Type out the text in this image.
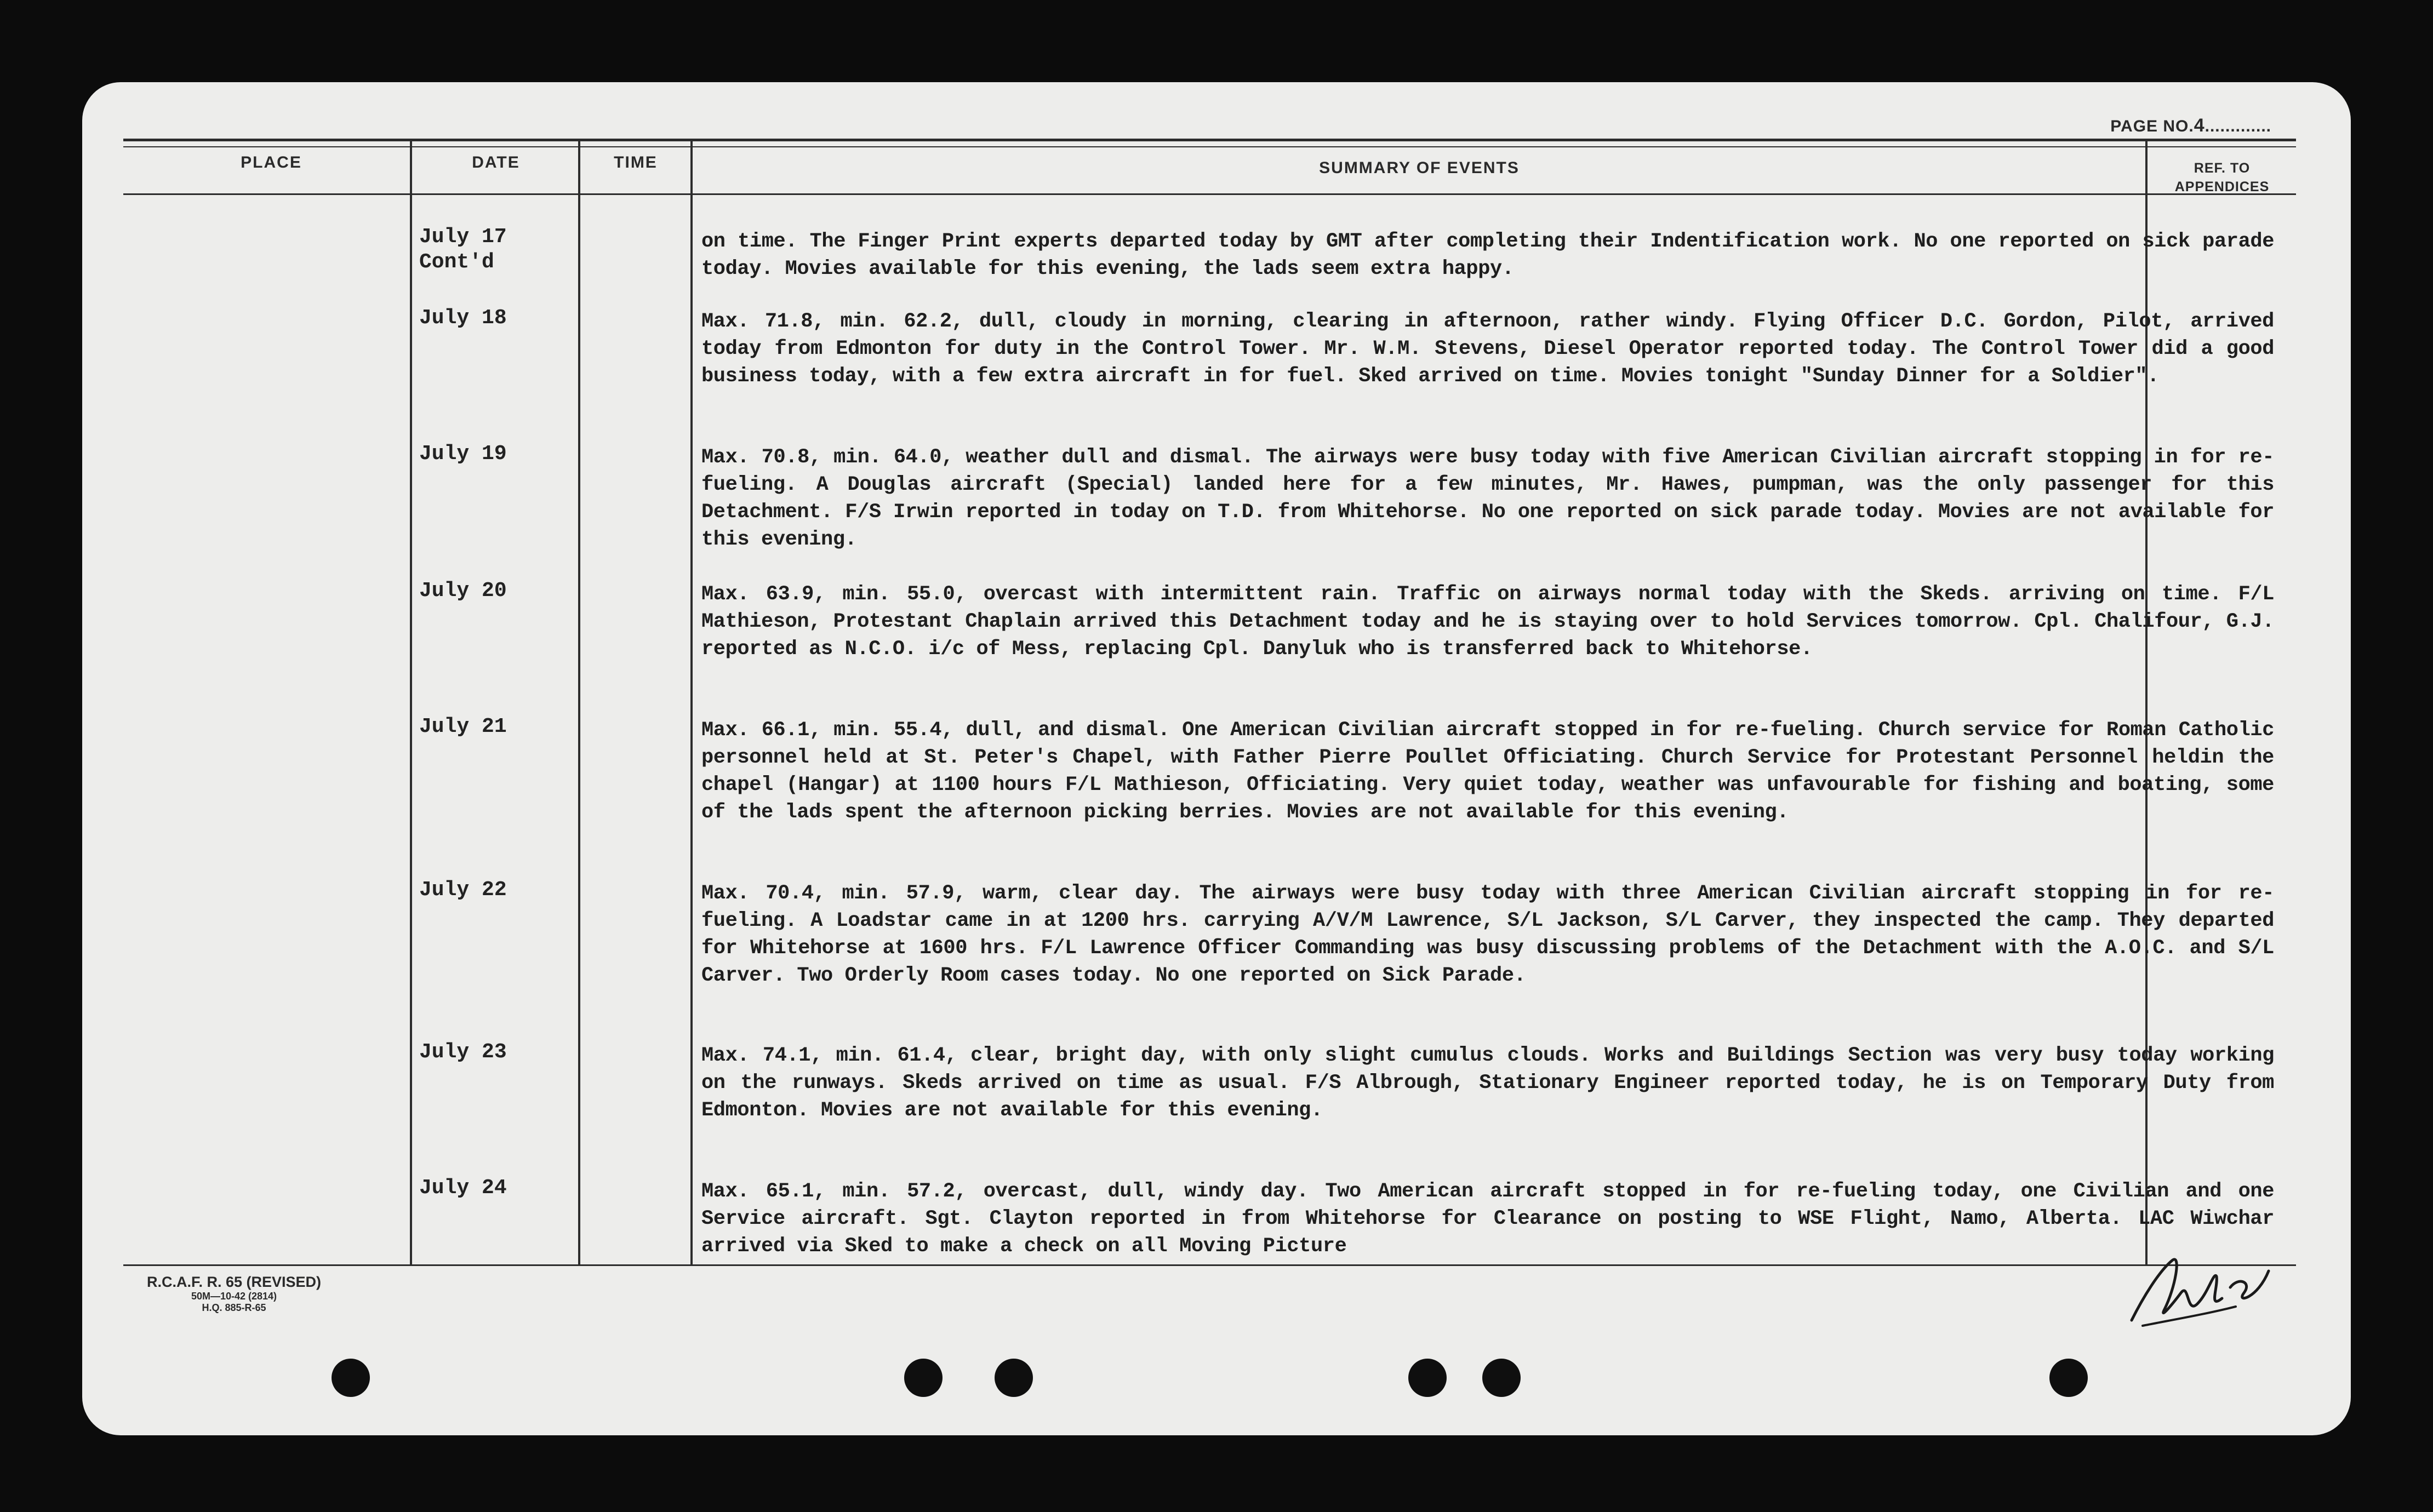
PAGE NO.4.............
PLACE	DATE	TIME	SUMMARY OF EVENTS	REF. TO
APPENDICES
July 17
Cont'd
on time. The Finger Print experts departed today by GMT after completing their Indentification work. No one reported on sick parade today. Movies available for this evening, the lads seem extra happy.
July 18	Max. 71.8, min. 62.2, dull, cloudy in morning, clearing in afternoon, rather windy. Flying Officer D.C. Gordon, Pilot, arrived today from Edmonton for duty in the Control Tower. Mr. W.M. Stevens, Diesel Operator reported today. The Control Tower did a good business today, with a few extra aircraft in for fuel. Sked arrived on time. Movies tonight "Sunday Dinner for a Soldier".
July 19	Max. 70.8, min. 64.0, weather dull and dismal. The airways were busy today with five American Civilian aircraft stopping in for re-fueling. A Douglas aircraft (Special) landed here for a few minutes, Mr. Hawes, pumpman, was the only passenger for this Detachment. F/S Irwin reported in today on T.D. from Whitehorse. No one reported on sick parade today. Movies are not available for this evening.
July 20	Max. 63.9, min. 55.0, overcast with intermittent rain. Traffic on airways normal today with the Skeds. arriving on time. F/L Mathieson, Protestant Chaplain arrived this Detachment today and he is staying over to hold Services tomorrow. Cpl. Chalifour, G.J. reported as N.C.O. i/c of Mess, replacing Cpl. Danyluk who is transferred back to Whitehorse.
July 21	Max. 66.1, min. 55.4, dull, and dismal. One American Civilian aircraft stopped in for re-fueling. Church service for Roman Catholic personnel held at St. Peter's Chapel, with Father Pierre Poullet Officiating. Church Service for Protestant Personnel heldin the chapel (Hangar) at 1100 hours F/L Mathieson, Officiating. Very quiet today, weather was unfavourable for fishing and boating, some of the lads spent the afternoon picking berries. Movies are not available for this evening.
July 22	Max. 70.4, min. 57.9, warm, clear day. The airways were busy today with three American Civilian aircraft stopping in for re-fueling. A Loadstar came in at 1200 hrs. carrying A/V/M Lawrence, S/L Jackson, S/L Carver, they inspected the camp. They departed for Whitehorse at 1600 hrs. F/L Lawrence Officer Commanding was busy discussing problems of the Detachment with the A.O.C. and S/L Carver. Two Orderly Room cases today. No one reported on Sick Parade.
July 23	Max. 74.1, min. 61.4, clear, bright day, with only slight cumulus clouds. Works and Buildings Section was very busy today working on the runways. Skeds arrived on time as usual. F/S Albrough, Stationary Engineer reported today, he is on Temporary Duty from Edmonton. Movies are not available for this evening.
July 24	Max. 65.1, min. 57.2, overcast, dull, windy day. Two American aircraft stopped in for re-fueling today, one Civilian and one Service aircraft. Sgt. Clayton reported in from Whitehorse for Clearance on posting to WSE Flight, Namo, Alberta. LAC Wiwchar arrived via Sked to make a check on all Moving Picture
R.C.A.F. R. 65 (REVISED)
50M—10-42 (2814)
H.Q. 885-R-65
